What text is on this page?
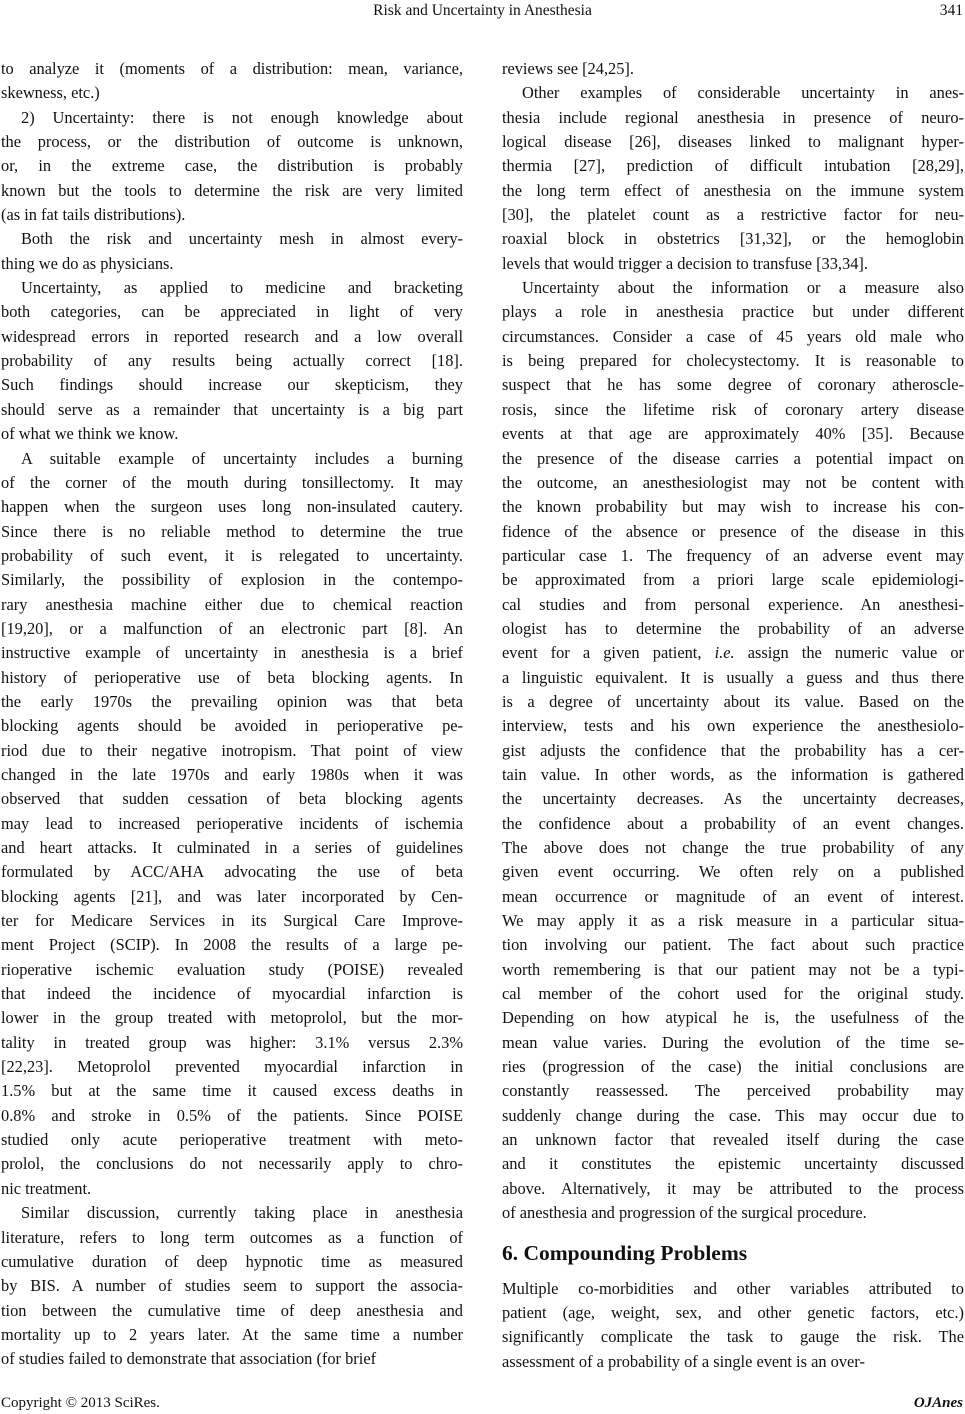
Risk and Uncertainty in Anesthesia	341
to analyze it (moments of a distribution: mean, variance,
skewness, etc.)
2) Uncertainty: there is not enough knowledge about
the process, or the distribution of outcome is unknown,
or, in the extreme case, the distribution is probably
known but the tools to determine the risk are very limited
(as in fat tails distributions).
Both the risk and uncertainty mesh in almost every-
thing we do as physicians.
Uncertainty, as applied to medicine and bracketing
both categories, can be appreciated in light of very
widespread errors in reported research and a low overall
probability of any results being actually correct [18].
Such findings should increase our skepticism, they
should serve as a remainder that uncertainty is a big part
of what we think we know.
A suitable example of uncertainty includes a burning
of the corner of the mouth during tonsillectomy. It may
happen when the surgeon uses long non-insulated cautery.
Since there is no reliable method to determine the true
probability of such event, it is relegated to uncertainty.
Similarly, the possibility of explosion in the contempo-
rary anesthesia machine either due to chemical reaction
[19,20], or a malfunction of an electronic part [8]. An
instructive example of uncertainty in anesthesia is a brief
history of perioperative use of beta blocking agents. In
the early 1970s the prevailing opinion was that beta
blocking agents should be avoided in perioperative pe-
riod due to their negative inotropism. That point of view
changed in the late 1970s and early 1980s when it was
observed that sudden cessation of beta blocking agents
may lead to increased perioperative incidents of ischemia
and heart attacks. It culminated in a series of guidelines
formulated by ACC/AHA advocating the use of beta
blocking agents [21], and was later incorporated by Cen-
ter for Medicare Services in its Surgical Care Improve-
ment Project (SCIP). In 2008 the results of a large pe-
rioperative ischemic evaluation study (POISE) revealed
that indeed the incidence of myocardial infarction is
lower in the group treated with metoprolol, but the mor-
tality in treated group was higher: 3.1% versus 2.3%
[22,23]. Metoprolol prevented myocardial infarction in
1.5% but at the same time it caused excess deaths in
0.8% and stroke in 0.5% of the patients. Since POISE
studied only acute perioperative treatment with meto-
prolol, the conclusions do not necessarily apply to chro-
nic treatment.
Similar discussion, currently taking place in anesthesia
literature, refers to long term outcomes as a function of
cumulative duration of deep hypnotic time as measured
by BIS. A number of studies seem to support the associa-
tion between the cumulative time of deep anesthesia and
mortality up to 2 years later. At the same time a number
of studies failed to demonstrate that association (for brief
reviews see [24,25].
Other examples of considerable uncertainty in anes-
thesia include regional anesthesia in presence of neuro-
logical disease [26], diseases linked to malignant hyper-
thermia [27], prediction of difficult intubation [28,29],
the long term effect of anesthesia on the immune system
[30], the platelet count as a restrictive factor for neu-
roaxial block in obstetrics [31,32], or the hemoglobin
levels that would trigger a decision to transfuse [33,34].
Uncertainty about the information or a measure also
plays a role in anesthesia practice but under different
circumstances. Consider a case of 45 years old male who
is being prepared for cholecystectomy. It is reasonable to
suspect that he has some degree of coronary atheroscle-
rosis, since the lifetime risk of coronary artery disease
events at that age are approximately 40% [35]. Because
the presence of the disease carries a potential impact on
the outcome, an anesthesiologist may not be content with
the known probability but may wish to increase his con-
fidence of the absence or presence of the disease in this
particular case 1. The frequency of an adverse event may
be approximated from a priori large scale epidemiologi-
cal studies and from personal experience. An anesthesi-
ologist has to determine the probability of an adverse
event for a given patient, i.e. assign the numeric value or
a linguistic equivalent. It is usually a guess and thus there
is a degree of uncertainty about its value. Based on the
interview, tests and his own experience the anesthesiolo-
gist adjusts the confidence that the probability has a cer-
tain value. In other words, as the information is gathered
the uncertainty decreases. As the uncertainty decreases,
the confidence about a probability of an event changes.
The above does not change the true probability of any
given event occurring. We often rely on a published
mean occurrence or magnitude of an event of interest.
We may apply it as a risk measure in a particular situa-
tion involving our patient. The fact about such practice
worth remembering is that our patient may not be a typi-
cal member of the cohort used for the original study.
Depending on how atypical he is, the usefulness of the
mean value varies. During the evolution of the time se-
ries (progression of the case) the initial conclusions are
constantly reassessed. The perceived probability may
suddenly change during the case. This may occur due to
an unknown factor that revealed itself during the case
and it constitutes the epistemic uncertainty discussed
above. Alternatively, it may be attributed to the process
of anesthesia and progression of the surgical procedure.
6. Compounding Problems
Multiple co-morbidities and other variables attributed to
patient (age, weight, sex, and other genetic factors, etc.)
significantly complicate the task to gauge the risk. The
assessment of a probability of a single event is an over-
Copyright © 2013 SciRes.	OJAnes
